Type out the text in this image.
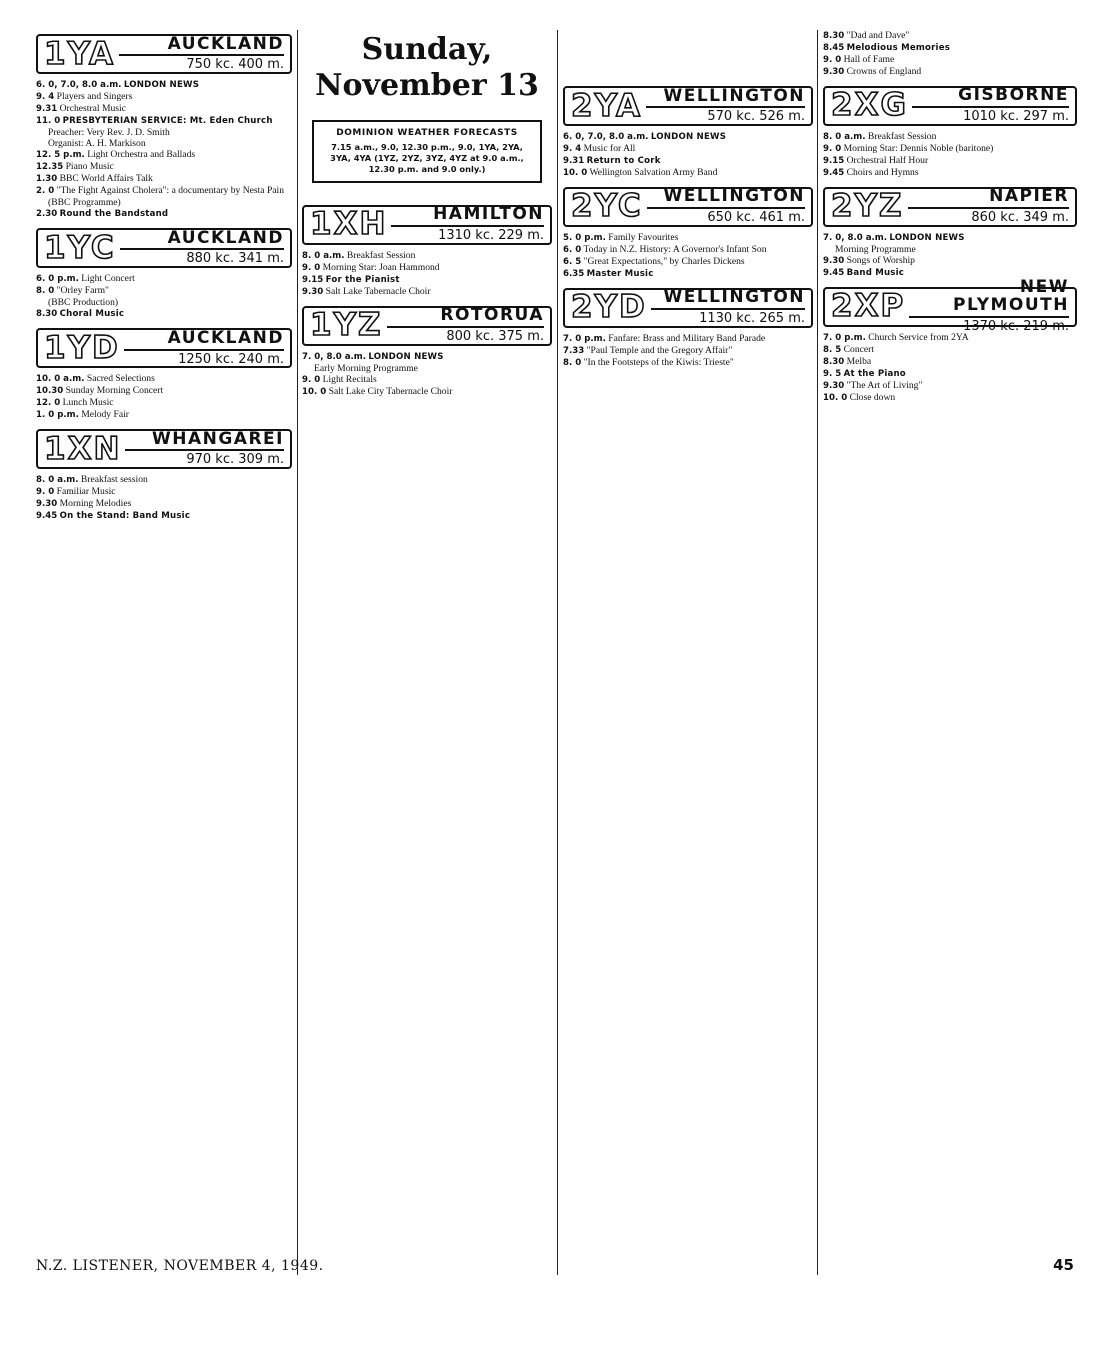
1YA	AUCKLAND
750 kc. 400 m.
6. 0, 7.0, 8.0 a.m. LONDON NEWS
9. 4 Players and Singers
9.31 Orchestral Music
11. 0 PRESBYTERIAN SERVICE: Mt. Eden Church
Preacher: Very Rev. J. D. Smith
Organist: A. H. Markison
12. 5 p.m. Light Orchestra and Ballads
12.35 Piano Music
1.30 BBC World Affairs Talk
2. 0 "The Fight Against Cholera": a documentary by Nesta Pain
(BBC Programme)
2.30 Round the Bandstand
1YC	AUCKLAND
880 kc. 341 m.
6. 0 p.m. Light Concert
8. 0 "Orley Farm"
(BBC Production)
8.30 Choral Music
1YD	AUCKLAND
1250 kc. 240 m.
10. 0 a.m. Sacred Selections
10.30 Sunday Morning Concert
12. 0 Lunch Music
1. 0 p.m. Melody Fair
1XN	WHANGAREI
970 kc. 309 m.
8. 0 a.m. Breakfast session
9. 0 Familiar Music
9.30 Morning Melodies
9.45 On the Stand: Band Music
Sunday, November 13
DOMINION WEATHER FORECASTS
7.15 a.m., 9.0, 12.30 p.m., 9.0, 1YA, 2YA, 3YA, 4YA (1YZ, 2YZ, 3YZ, 4YZ at 9.0 a.m., 12.30 p.m. and 9.0 only.)
1XH	HAMILTON
1310 kc. 229 m.
8. 0 a.m. Breakfast Session
9. 0 Morning Star: Joan Hammond
9.15 For the Pianist
9.30 Salt Lake Tabernacle Choir
1YZ	ROTORUA
800 kc. 375 m.
7. 0, 8.0 a.m. LONDON NEWS
Early Morning Programme
9. 0 Light Recitals
10. 0 Salt Lake City Tabernacle Choir
2YA	WELLINGTON
570 kc. 526 m.
6. 0, 7.0, 8.0 a.m. LONDON NEWS
9. 4 Music for All
9.31 Return to Cork
10. 0 Wellington Salvation Army Band
2YC	WELLINGTON
650 kc. 461 m.
5. 0 p.m. Family Favourites
6. 0 Today in N.Z. History: A Governor's Infant Son
6. 5 "Great Expectations," by Charles Dickens
6.35 Master Music
2YD WELLINGTON
1130 kc. 265 m.
7. 0 p.m. Fanfare: Brass and Military Band Parade
7.33 "Paul Temple and the Gregory Affair"
8. 0 "In the Footsteps of the Kiwis: Trieste"
8.30 "Dad and Dave"
8.45 Melodious Memories
9. 0 Hall of Fame
9.30 Crowns of England
2XG	GISBORNE
1010 kc. 297 m.
8. 0 a.m. Breakfast Session
9. 0 Morning Star: Dennis Noble (baritone)
9.15 Orchestral Half Hour
9.45 Choirs and Hymns
2YZ	NAPIER
860 kc. 349 m.
7. 0, 8.0 a.m. LONDON NEWS
Morning Programme
9.30 Songs of Worship
9.45 Band Music
2XP
NEW PLYMOUTH
1370 kc. 219 m.
7. 0 p.m. Church Service from 2YA
8. 5 Concert
8.30 Melba
9. 5 At the Piano
9.30 "The Art of Living"
10. 0 Close down
N.Z. LISTENER, NOVEMBER 4, 1949.	45
